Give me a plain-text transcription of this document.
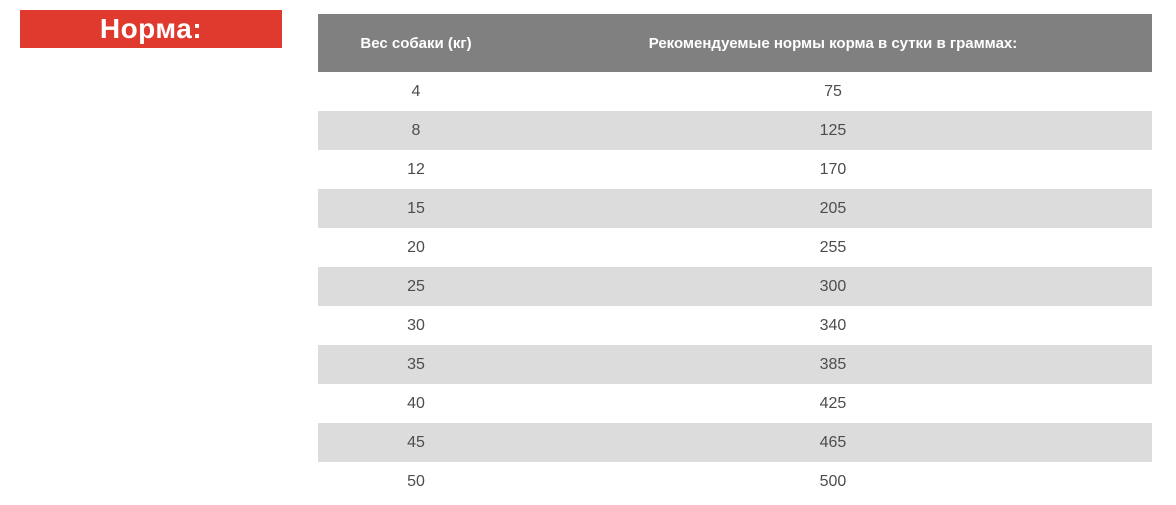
Норма:	Вес собаки (кг)	Рекомендуемые нормы корма в сутки в граммах:
4	75
8	125
12	170
15	205
20	255
25	300
30	340
35	385
40	425
45	465
50	500
